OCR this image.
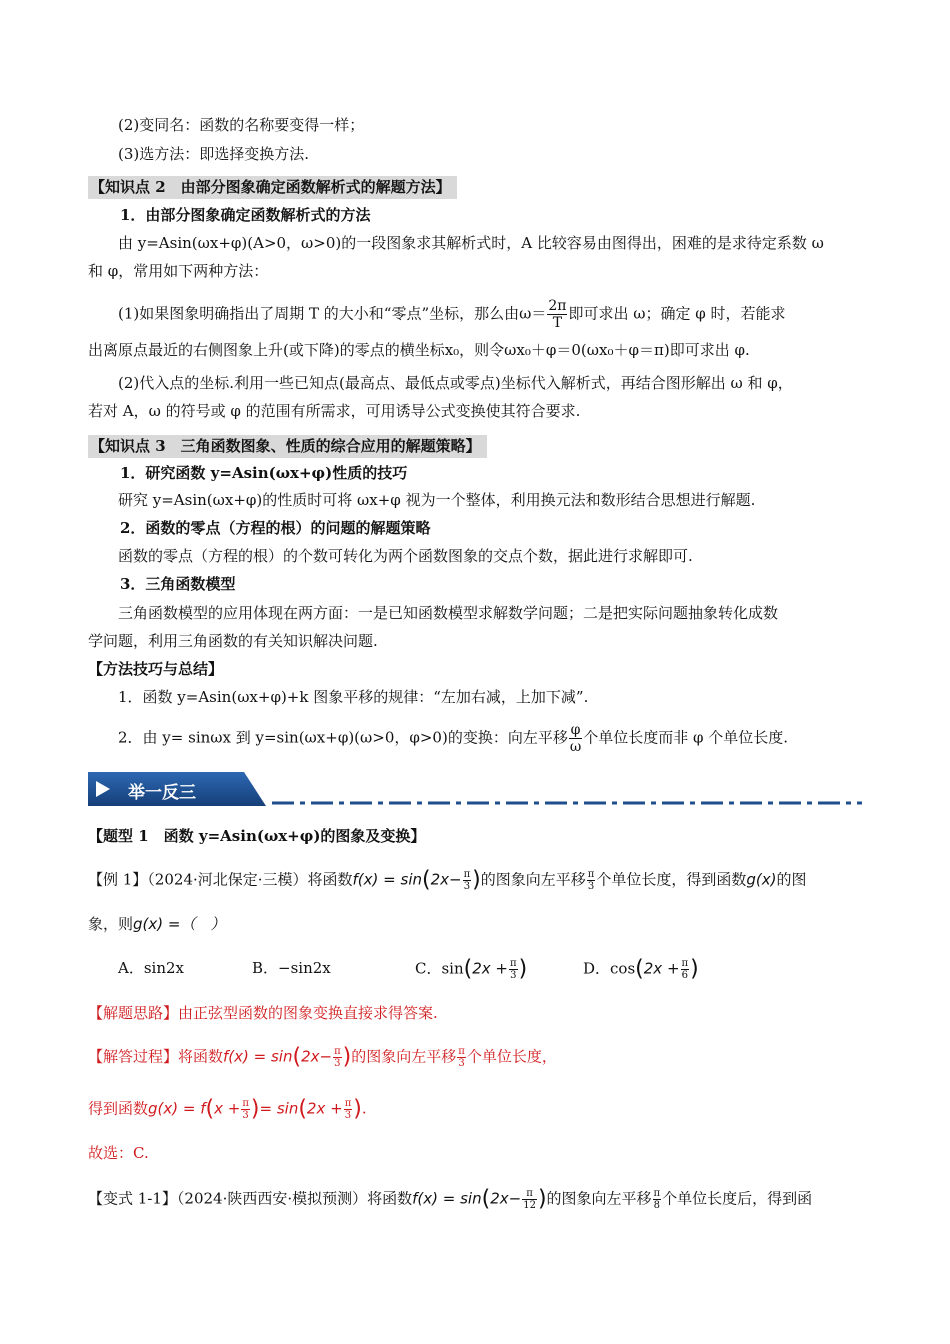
(2)变同名：函数的名称要变得一样；
(3)选方法：即选择变换方法.
【知识点 2　由部分图象确定函数解析式的解题方法】
1．由部分图象确定函数解析式的方法
由 y=Asin(ωx+φ)(A>0，ω>0)的一段图象求其解析式时，A 比较容易由图得出，困难的是求待定系数 ω
和 φ，常用如下两种方法：
(1)如果图象明确指出了周期 T 的大小和“零点”坐标，那么由$\omega= \frac{2\pi}{T}$ 即可求出 ω；确定 φ 时，若能求
出离原点最近的右侧图象上升(或下降)的零点的横坐标x₀，则令ωx₀＋φ＝0(ωx₀＋φ＝π)即可求出 φ.
(2)代入点的坐标.利用一些已知点(最高点、最低点或零点)坐标代入解析式，再结合图形解出 ω 和 φ，
若对 A，ω 的符号或 φ 的范围有所需求，可用诱导公式变换使其符合要求.
【知识点 3　三角函数图象、性质的综合应用的解题策略】
1．研究函数 y=Asin(ωx+φ)性质的技巧
研究 y=Asin(ωx+φ)的性质时可将 ωx+φ 视为一个整体，利用换元法和数形结合思想进行解题.
2．函数的零点（方程的根）的问题的解题策略
函数的零点（方程的根）的个数可转化为两个函数图象的交点个数，据此进行求解即可.
3．三角函数模型
三角函数模型的应用体现在两方面：一是已知函数模型求解数学问题；二是把实际问题抽象转化成数
学问题，利用三角函数的有关知识解决问题.
【方法技巧与总结】
1．函数 y=Asin(ωx+φ)+k 图象平移的规律：“左加右减，上加下减”.
2．由 y= sinωx 到 y=sin(ωx+φ)(ω>0，φ>0)的变换：向左平移 $\frac{\varphi}{\omega}$ 个单位长度而非 φ 个单位长度.
举一反三
【题型 1　函数 y=Asin(ωx+φ)的图象及变换】
【例 1】（2024·河北保定·三模）将函数$f(x) = \sin(2x- \frac{\pi}{3}$ )的图象向左平移 $\frac{\pi}{3}$ 个单位长度，得到函数g(x)的图
象，则g(x) =（　）
A．sin2x	B．−sin2x	C．$\sin(2x + \frac{\pi}{3}$ )	D．$\cos(2x + \frac{\pi}{6}$ )
【解题思路】由正弦型函数的图象变换直接求得答案.
【解答过程】将函数$f(x) = \sin(2x- \frac{\pi}{3}$ )的图象向左平移 $\frac{\pi}{3}$ 个单位长度，
得到函数$g(x) = f(x + \frac{\pi}{3}$ )= $\sin(2x + \frac{\pi}{3}$ ).
故选：C.
【变式 1-1】（2024·陕西西安·模拟预测）将函数$f(x) = \sin(2x- \frac{\pi}{12}$ )的图象向左平移 $\frac{\pi}{8}$ 个单位长度后，得到函
